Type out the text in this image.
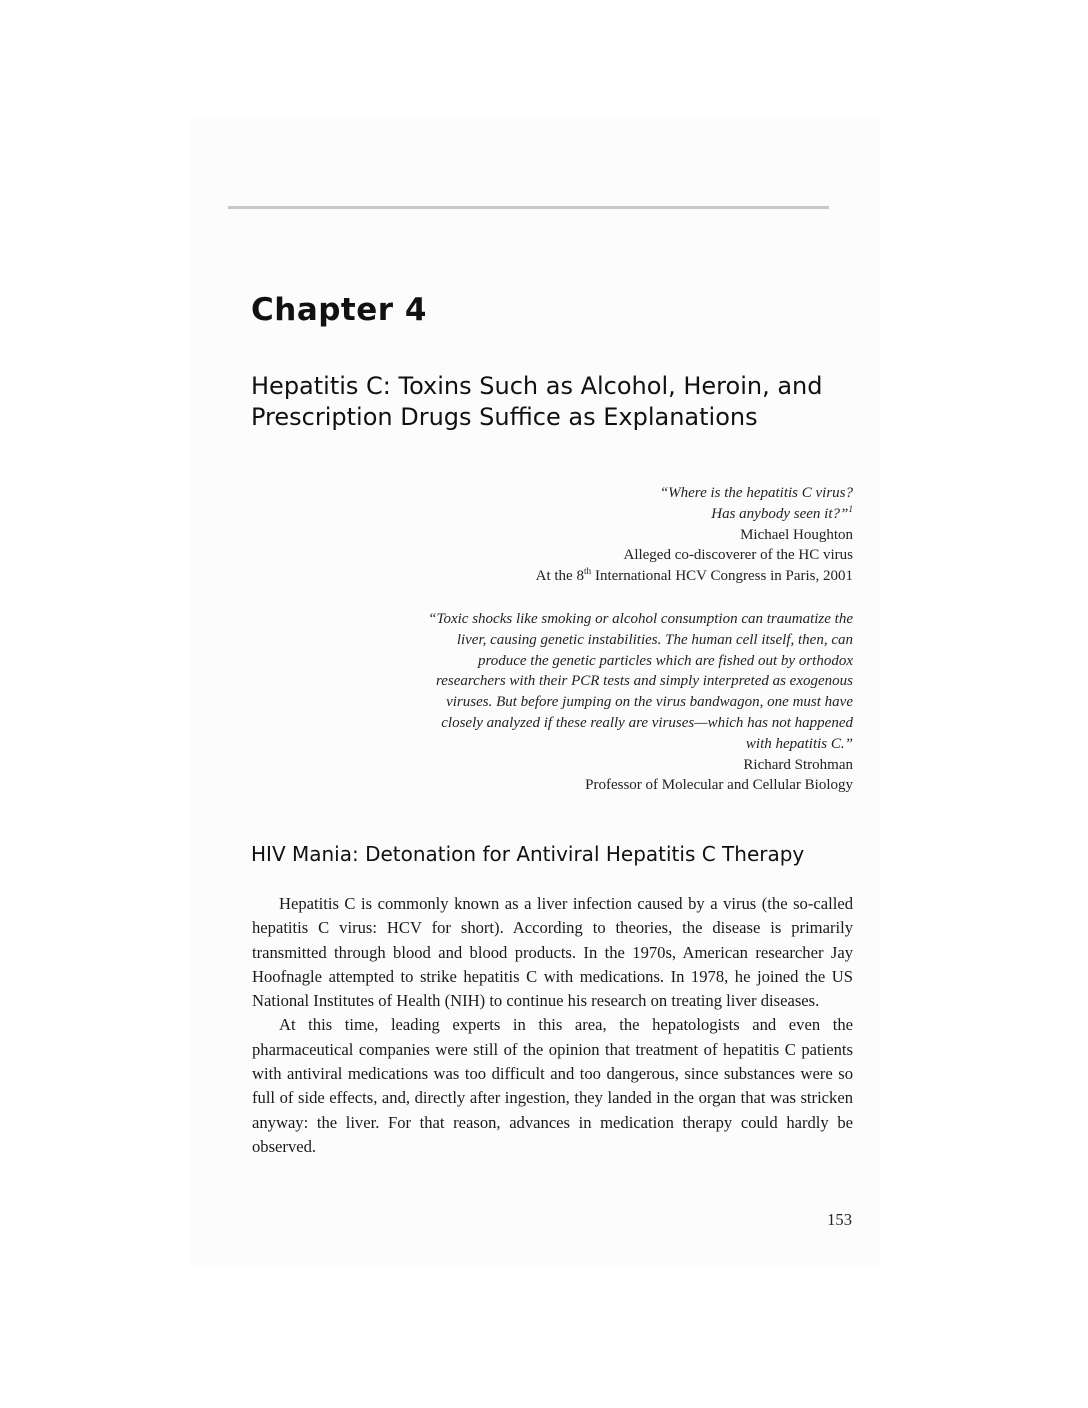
Chapter 4
Hepatitis C: Toxins Such as Alcohol, Heroin, and Prescription Drugs Suffice as Explanations
“Where is the hepatitis C virus?
Has anybody seen it?”$^1$
Michael Houghton
Alleged co-discoverer of the HC virus
At the 8th International HCV Congress in Paris, 2001
“Toxic shocks like smoking or alcohol consumption can traumatize the liver, causing genetic instabilities. The human cell itself, then, can produce the genetic particles which are fished out by orthodox researchers with their PCR tests and simply interpreted as exogenous viruses. But before jumping on the virus bandwagon, one must have closely analyzed if these really are viruses—which has not happened with hepatitis C.”
Richard Strohman
Professor of Molecular and Cellular Biology
HIV Mania: Detonation for Antiviral Hepatitis C Therapy

Hepatitis C is commonly known as a liver infection caused by a virus (the so-called hepatitis C virus: HCV for short). According to theories, the disease is primarily transmitted through blood and blood products. In the 1970s, American researcher Jay Hoofnagle attempted to strike hepatitis C with medications. In 1978, he joined the US National Institutes of Health (NIH) to continue his research on treating liver diseases.

At this time, leading experts in this area, the hepatologists and even the pharmaceutical companies were still of the opinion that treatment of hepatitis C patients with antiviral medications was too difficult and too dangerous, since substances were so full of side effects, and, directly after ingestion, they landed in the organ that was stricken anyway: the liver. For that reason, advances in medication therapy could hardly be observed.

153
